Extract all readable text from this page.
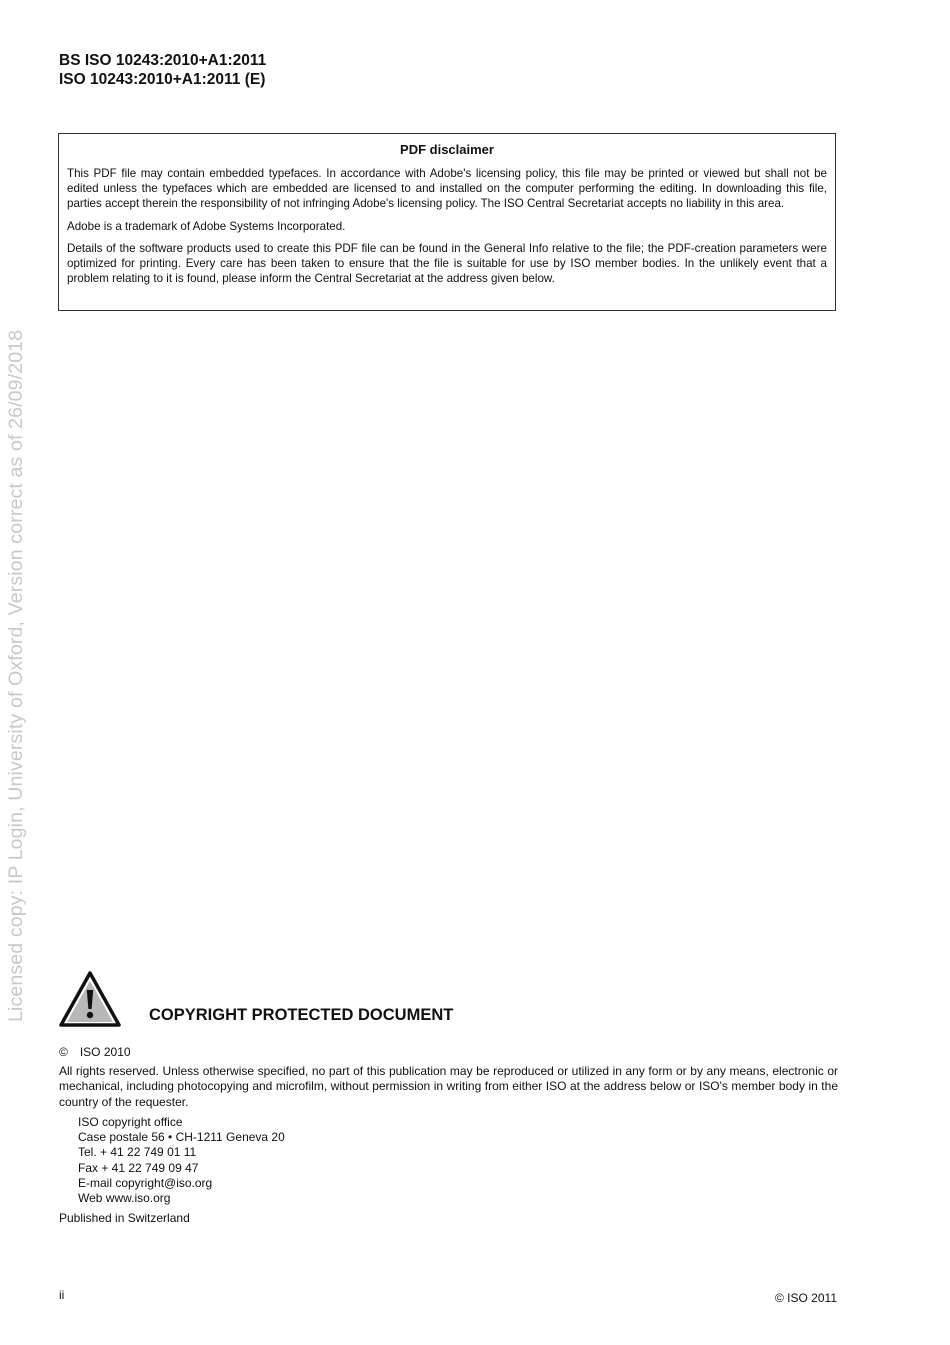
BS ISO 10243:2010+A1:2011
ISO 10243:2010+A1:2011 (E)
PDF disclaimer

This PDF file may contain embedded typefaces. In accordance with Adobe's licensing policy, this file may be printed or viewed but shall not be edited unless the typefaces which are embedded are licensed to and installed on the computer performing the editing. In downloading this file, parties accept therein the responsibility of not infringing Adobe's licensing policy. The ISO Central Secretariat accepts no liability in this area.

Adobe is a trademark of Adobe Systems Incorporated.

Details of the software products used to create this PDF file can be found in the General Info relative to the file; the PDF-creation parameters were optimized for printing. Every care has been taken to ensure that the file is suitable for use by ISO member bodies. In the unlikely event that a problem relating to it is found, please inform the Central Secretariat at the address given below.

Licensed copy: IP Login, University of Oxford, Version correct as of 26/09/2018	COPYRIGHT PROTECTED DOCUMENT
© ISO 2010
All rights reserved. Unless otherwise specified, no part of this publication may be reproduced or utilized in any form or by any means, electronic or mechanical, including photocopying and microfilm, without permission in writing from either ISO at the address below or ISO's member body in the country of the requester.
ISO copyright office
Case postale 56 • CH-1211 Geneva 20
Tel. + 41 22 749 01 11
Fax + 41 22 749 09 47
E-mail copyright@iso.org
Web www.iso.org
Published in Switzerland
ii	© ISO 2011
